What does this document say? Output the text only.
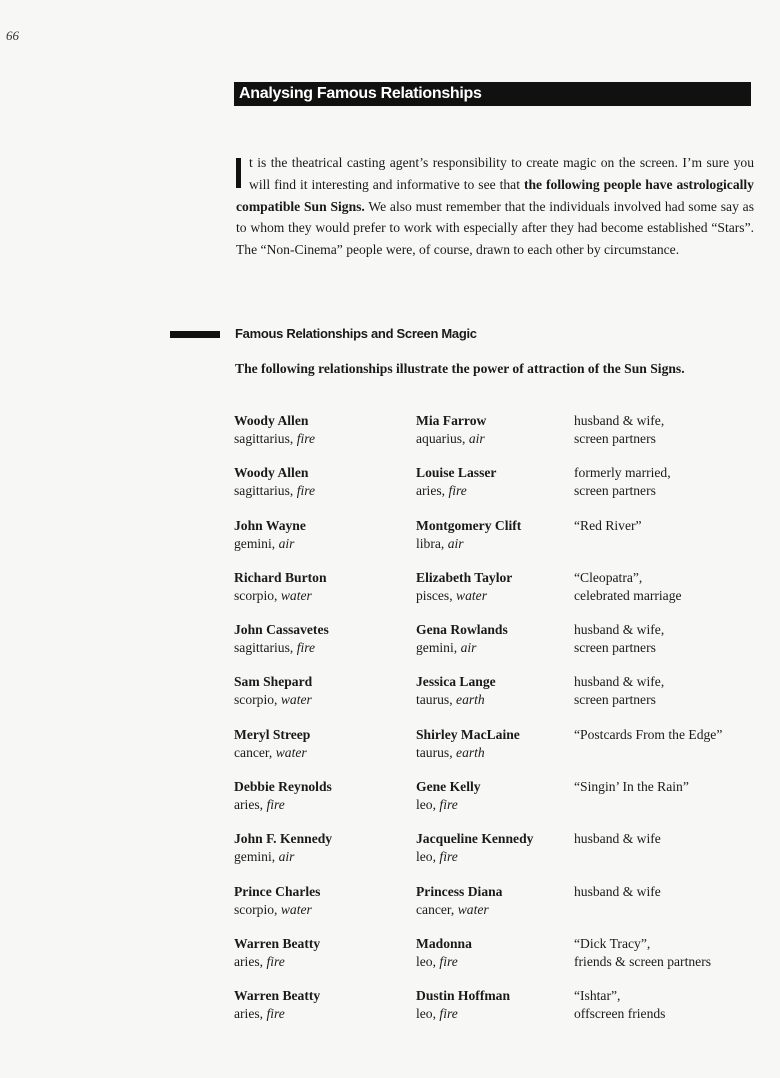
66
Analysing Famous Relationships
t is the theatrical casting agent’s responsibility to create magic on the screen. I’m sure you will find it interesting and informative to see that the following people have astrologically compatible Sun Signs. We also must remember that the individuals involved had some say as to whom they would prefer to work with especially after they had become established “Stars”. The “Non-Cinema” people were, of course, drawn to each other by circumstance.
Famous Relationships and Screen Magic
The following relationships illustrate the power of attraction of the Sun Signs.
Woody Allen
sagittarius, fire
Mia Farrow
aquarius, air
husband & wife,
screen partners
Woody Allen
sagittarius, fire
Louise Lasser
aries, fire
formerly married,
screen partners
John Wayne
gemini, air
Montgomery Clift
libra, air
“Red River”
Richard Burton
scorpio, water
Elizabeth Taylor
pisces, water
“Cleopatra”,
celebrated marriage
John Cassavetes
sagittarius, fire
Gena Rowlands
gemini, air
husband & wife,
screen partners
Sam Shepard
scorpio, water
Jessica Lange
taurus, earth
husband & wife,
screen partners
Meryl Streep
cancer, water
Shirley MacLaine
taurus, earth
“Postcards From the Edge”
Debbie Reynolds
aries, fire
Gene Kelly
leo, fire
“Singin’ In the Rain”
John F. Kennedy
gemini, air
Jacqueline Kennedy
leo, fire
husband & wife
Prince Charles
scorpio, water
Princess Diana
cancer, water
husband & wife
Warren Beatty
aries, fire
Madonna
leo, fire
“Dick Tracy”,
friends & screen partners
Warren Beatty
aries, fire
Dustin Hoffman
leo, fire
“Ishtar”,
offscreen friends
